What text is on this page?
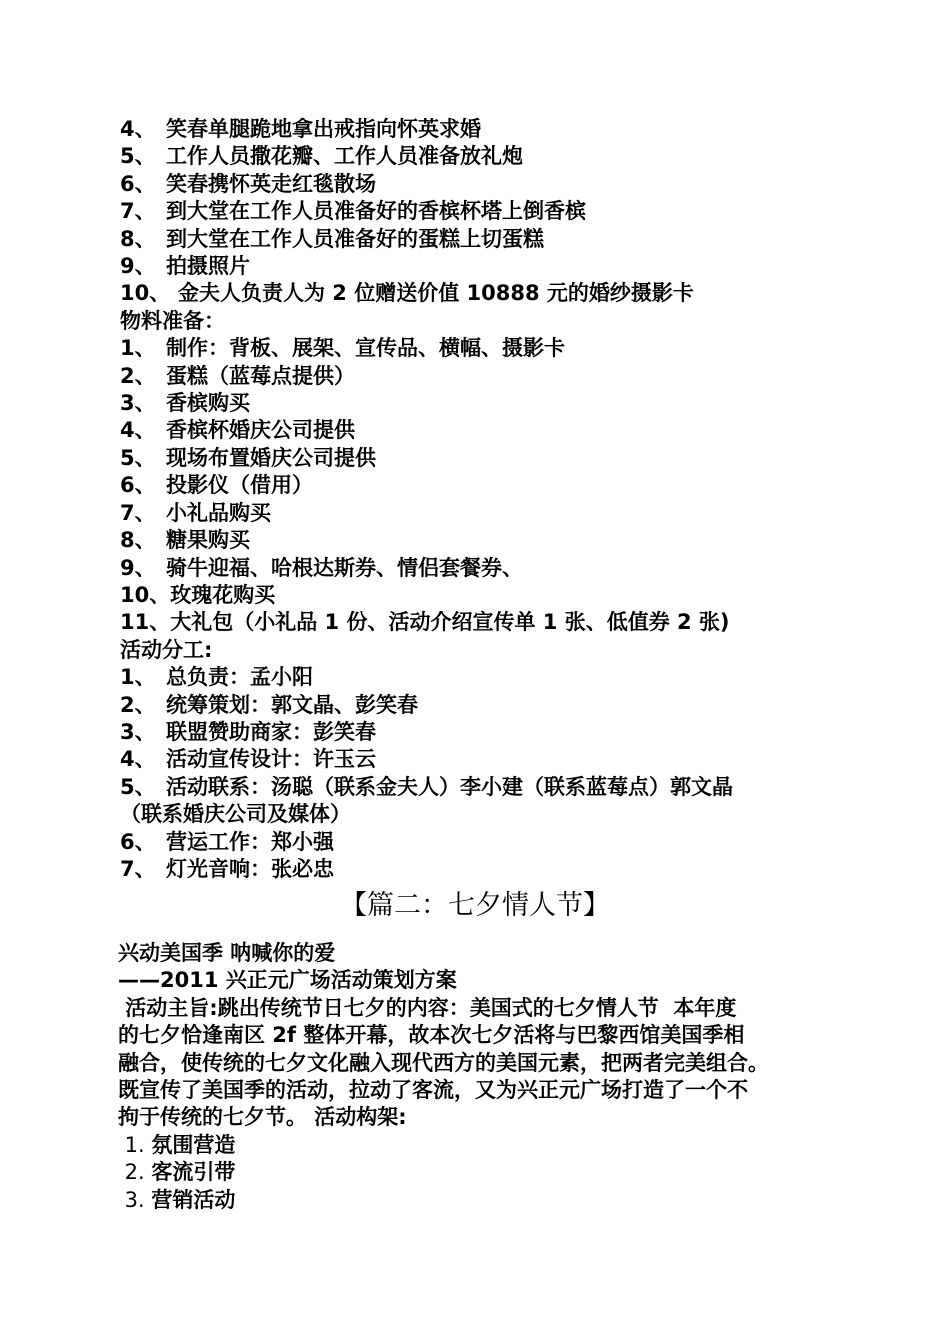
4、 笑春单腿跪地拿出戒指向怀英求婚
5、 工作人员撒花瓣、工作人员准备放礼炮
6、 笑春携怀英走红毯散场
7、 到大堂在工作人员准备好的香槟杯塔上倒香槟
8、 到大堂在工作人员准备好的蛋糕上切蛋糕
9、 拍摄照片
10、 金夫人负责人为 2 位赠送价值 10888 元的婚纱摄影卡
物料准备：
1、 制作：背板、展架、宣传品、横幅、摄影卡
2、 蛋糕（蓝莓点提供）
3、 香槟购买
4、 香槟杯婚庆公司提供
5、 现场布置婚庆公司提供
6、 投影仪（借用）
7、 小礼品购买
8、 糖果购买
9、 骑牛迎福、哈根达斯券、情侣套餐券、
10、 玫瑰花购买
11、 大礼包（小礼品 1 份、活动介绍宣传单 1 张、低值券 2 张)
活动分工:
1、 总负责：孟小阳
2、 统筹策划：郭文晶、彭笑春
3、 联盟赞助商家：彭笑春
4、 活动宣传设计：许玉云
5、 活动联系：汤聪（联系金夫人）李小建（联系蓝莓点）郭文晶
（联系婚庆公司及媒体）
6、 营运工作：郑小强
7、 灯光音响：张必忠
【篇二：七夕情人节】
兴动美国季 呐喊你的爱
——2011 兴正元广场活动策划方案
活动主旨:跳出传统节日七夕的内容：美国式的七夕情人节  本年度
的七夕恰逢南区 2f 整体开幕，故本次七夕活将与巴黎西馆美国季相
融合，使传统的七夕文化融入现代西方的美国元素，把两者完美组合。
既宣传了美国季的活动，拉动了客流，又为兴正元广场打造了一个不
拘于传统的七夕节。 活动构架:
1. 氛围营造
2. 客流引带
3. 营销活动
